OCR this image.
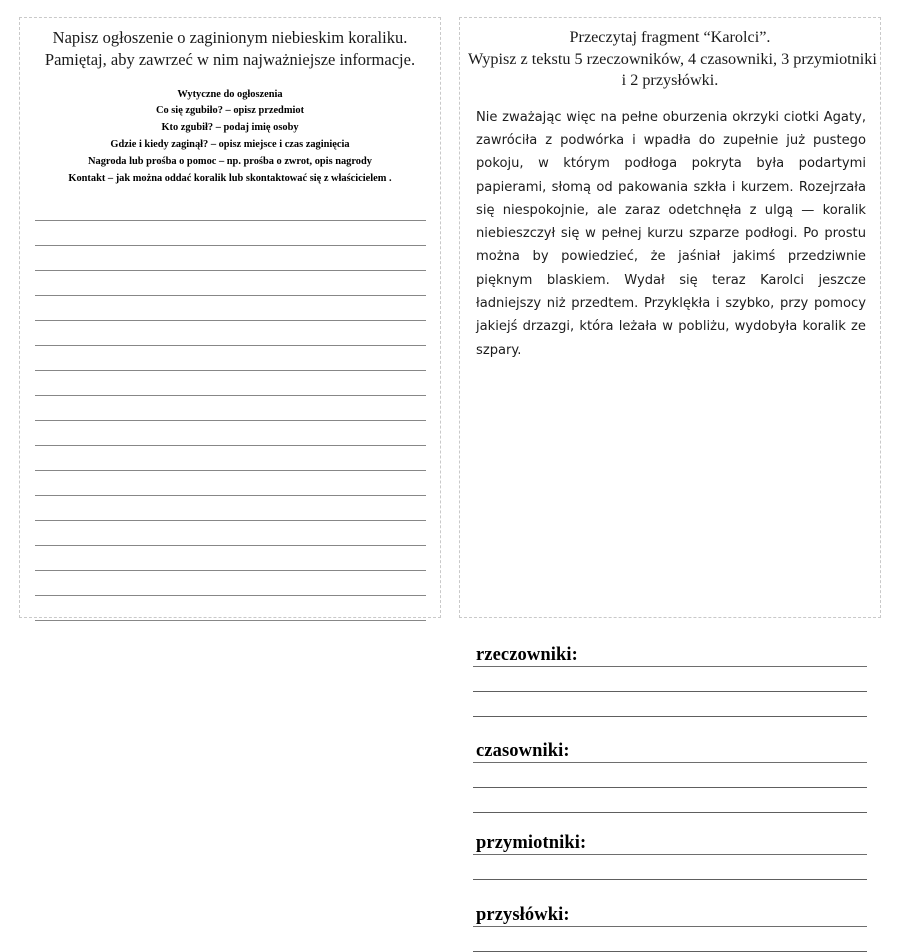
Napisz ogłoszenie o zaginionym niebieskim koraliku.
Pamiętaj, aby zawrzeć w nim najważniejsze informacje.
Wytyczne do ogłoszenia
Co się zgubiło? – opisz przedmiot
Kto zgubił? – podaj imię osoby
Gdzie i kiedy zaginął? – opisz miejsce i czas zaginięcia
Nagroda lub prośba o pomoc – np. prośba o zwrot, opis nagrody
Kontakt – jak można oddać koralik lub skontaktować się z właścicielem .
Przeczytaj fragment “Karolci”.
Wypisz z tekstu 5 rzeczowników, 4 czasowniki, 3 przymiotniki
i 2 przysłówki.
Nie zważając więc na pełne oburzenia okrzyki ciotki Agaty, zawróciła z podwórka i wpadła do zupełnie już pustego pokoju, w którym podłoga pokryta była podartymi papierami, słomą od pakowania szkła i kurzem. Rozejrzała się niespokojnie, ale zaraz odetchnęła z ulgą — koralik niebieszczył się w pełnej kurzu szparze podłogi. Po prostu można by powiedzieć, że jaśniał jakimś przedziwnie pięknym blaskiem. Wydał się teraz Karolci jeszcze ładniejszy niż przedtem. Przyklękła i szybko, przy pomocy jakiejś drzazgi, która leżała w pobliżu, wydobyła koralik ze szpary.
rzeczowniki:
czasowniki:
przymiotniki:
przysłówki:
